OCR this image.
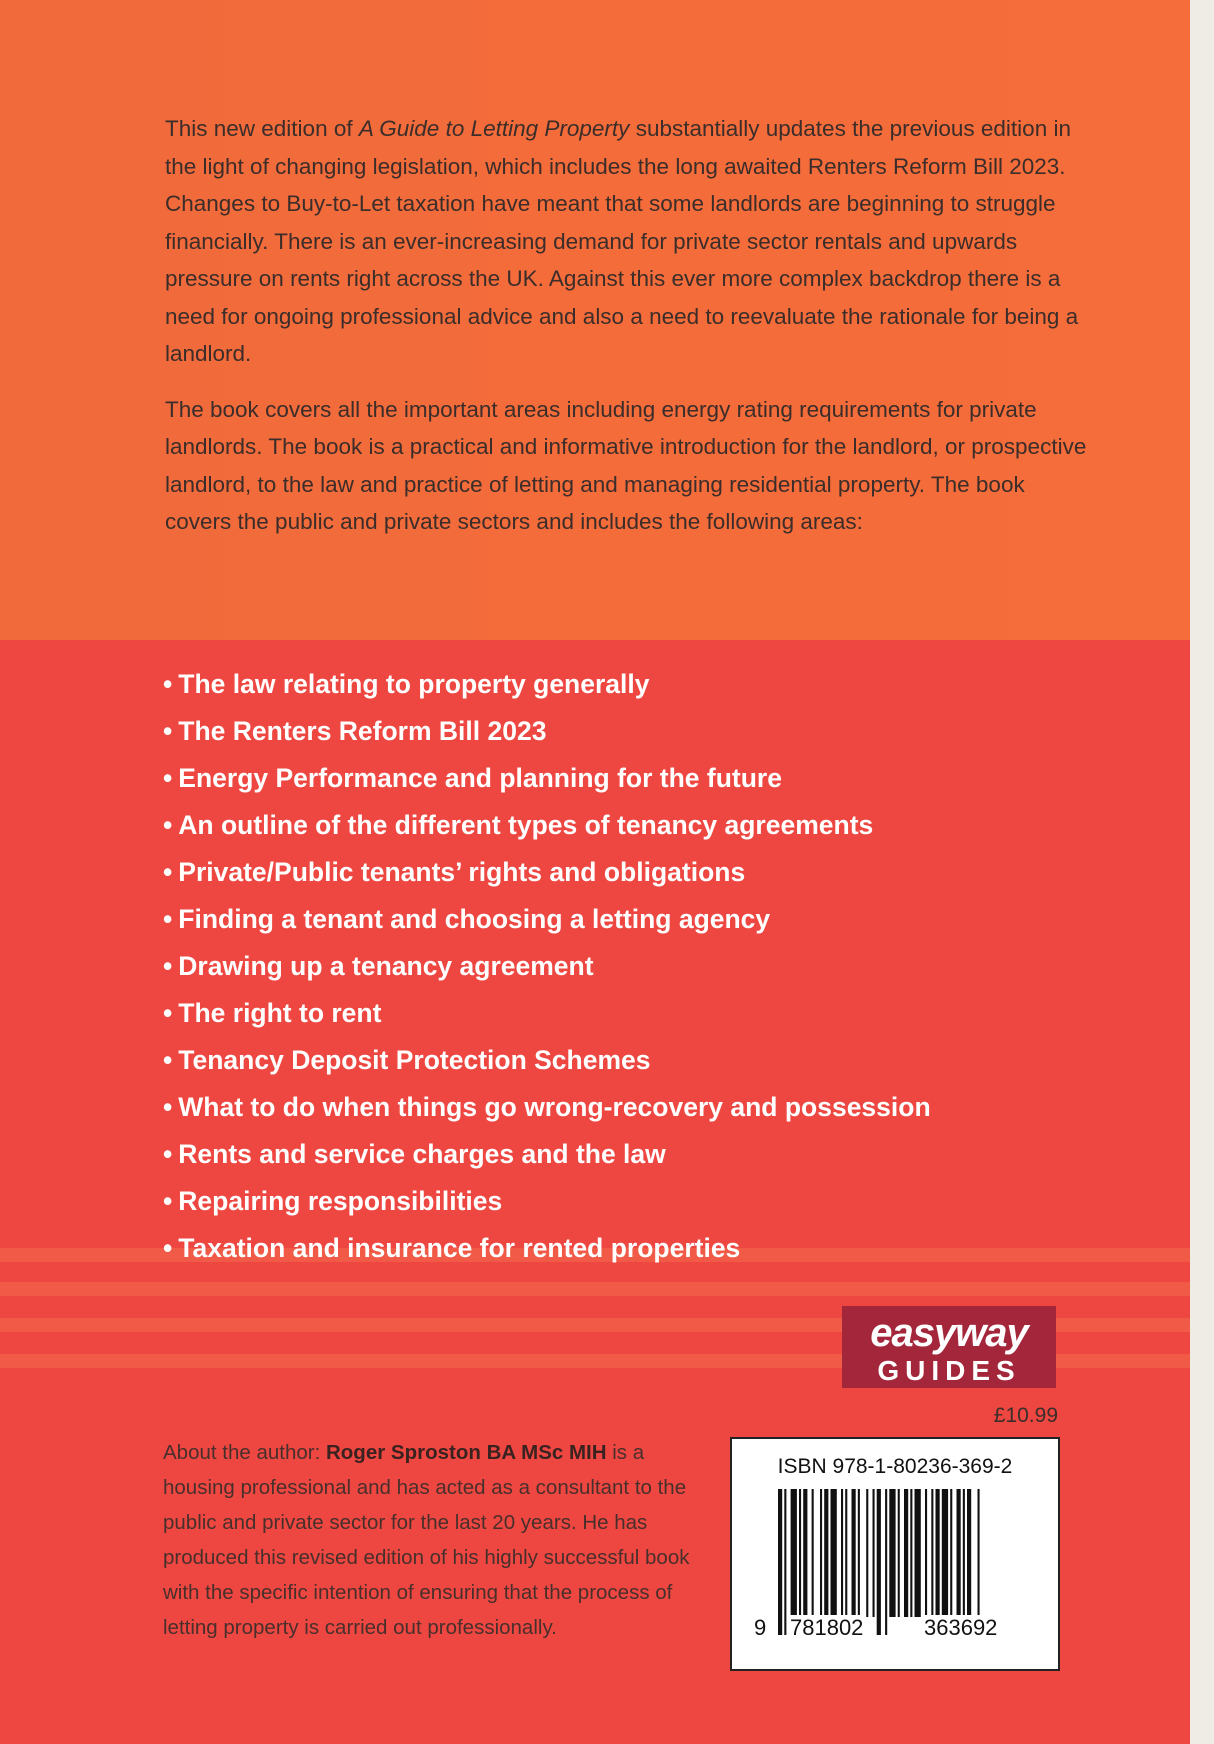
This new edition of A Guide to Letting Property substantially updates the previous edition in the light of changing legislation, which includes the long awaited Renters Reform Bill 2023. Changes to Buy-to-Let taxation have meant that some landlords are beginning to struggle financially. There is an ever-increasing demand for private sector rentals and upwards pressure on rents right across the UK. Against this ever more complex backdrop there is a need for ongoing professional advice and also a need to reevaluate the rationale for being a landlord.

The book covers all the important areas including energy rating requirements for private landlords. The book is a practical and informative introduction for the landlord, or prospective landlord, to the law and practice of letting and managing residential property. The book covers the public and private sectors and includes the following areas:

• The law relating to property generally
• The Renters Reform Bill 2023
• Energy Performance and planning for the future
• An outline of the different types of tenancy agreements
• Private/Public tenants’ rights and obligations
• Finding a tenant and choosing a letting agency
• Drawing up a tenancy agreement
• The right to rent
• Tenancy Deposit Protection Schemes
• What to do when things go wrong-recovery and possession
• Rents and service charges and the law
• Repairing responsibilities
• Taxation and insurance for rented properties
easyway
GUIDES
£10.99
About the author: Roger Sproston BA MSc MIH is a housing professional and has acted as a consultant to the public and private sector for the last 20 years. He has produced this revised edition of his highly successful book with the specific intention of ensuring that the process of letting property is carried out professionally.
ISBN 978-1-80236-369-2
9 781802	363692
